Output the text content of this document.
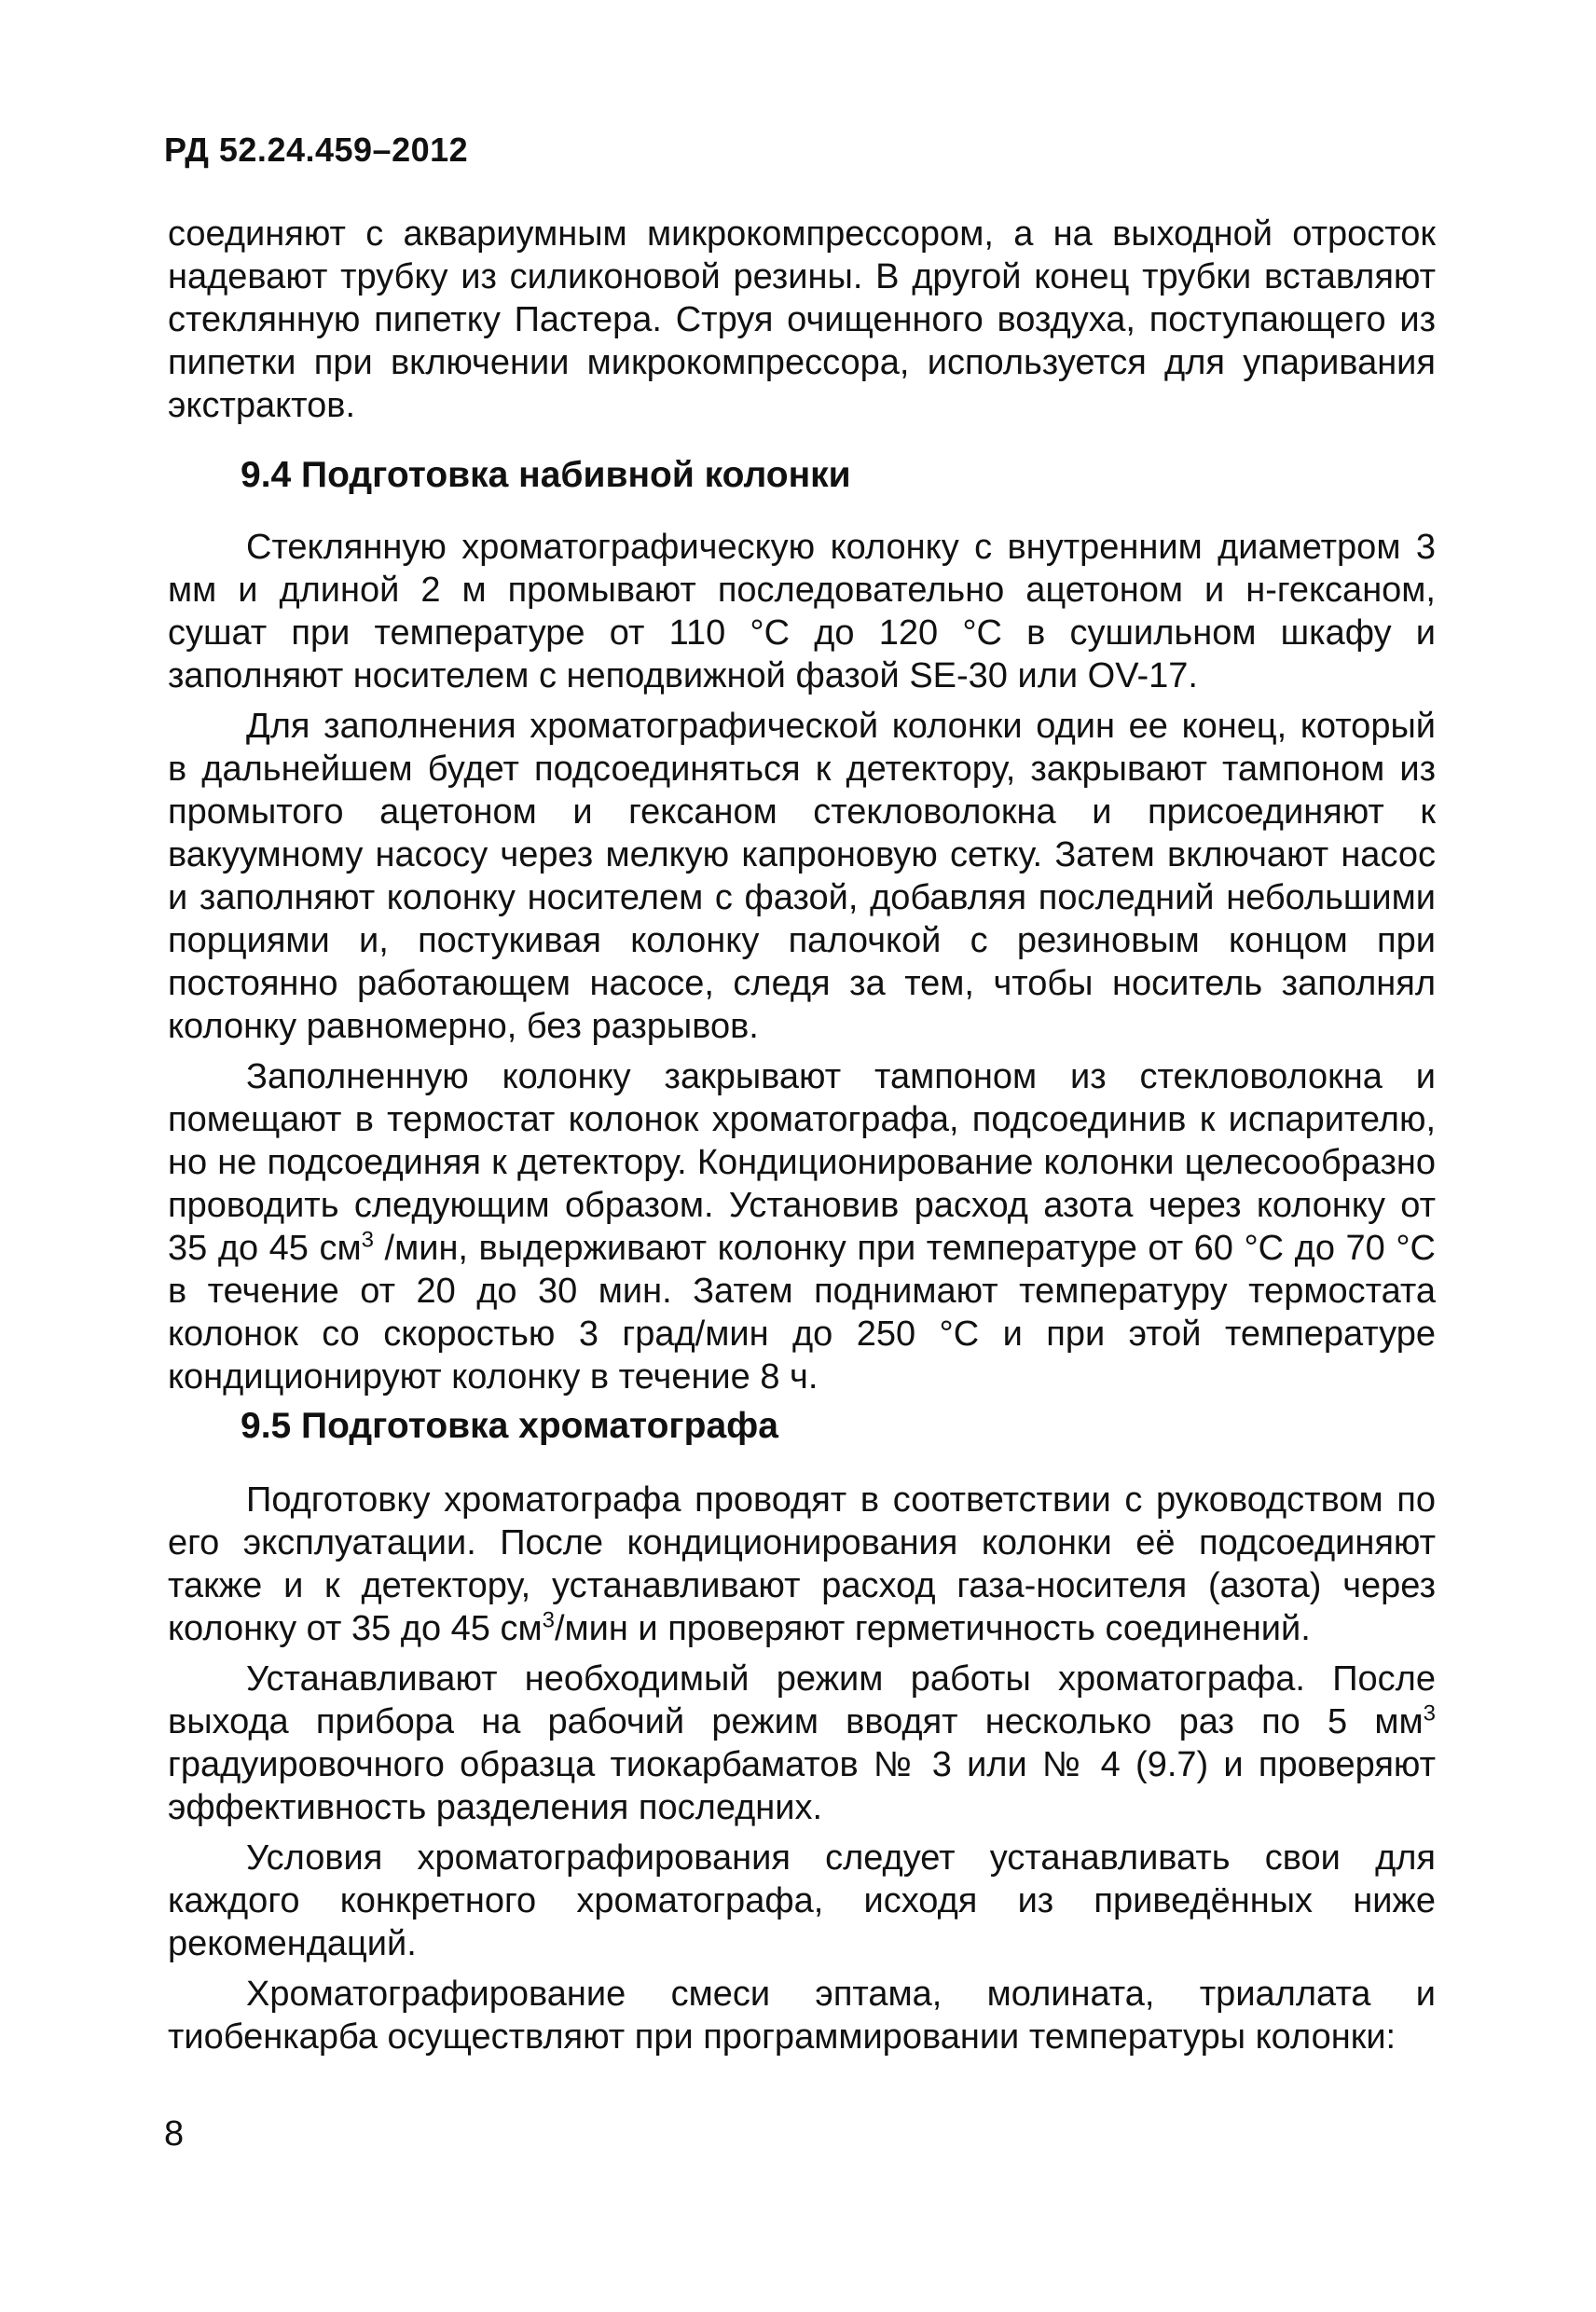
РД 52.24.459–2012

соединяют с аквариумным микрокомпрессором, а на выходной отросток надевают трубку из силиконовой резины. В другой конец трубки вставляют стеклянную пипетку Пастера. Струя очищенного воздуха, поступающего из пипетки при включении микрокомпрессора, используется для упаривания экстрактов.

9.4 Подготовка набивной колонки

Стеклянную хроматографическую колонку с внутренним диаметром 3 мм и длиной 2 м промывают последовательно ацетоном и н-гексаном, сушат при температуре от 110 °С до 120 °С в сушильном шкафу и заполняют носителем с неподвижной фазой SE-30 или OV-17.

Для заполнения хроматографической колонки один ее конец, который в дальнейшем будет подсоединяться к детектору, закрывают тампоном из промытого ацетоном и гексаном стекловолокна и присоединяют к вакуумному насосу через мелкую капроновую сетку. Затем включают насос и заполняют колонку носителем с фазой, добавляя последний небольшими порциями и, постукивая колонку палочкой с резиновым концом при постоянно работающем насосе, следя за тем, чтобы носитель заполнял колонку равномерно, без разрывов.

Заполненную колонку закрывают тампоном из стекловолокна и помещают в термостат колонок хроматографа, подсоединив к испарителю, но не подсоединяя к детектору. Кондиционирование колонки целесообразно проводить следующим образом. Установив расход азота через колонку от 35 до 45 $см^3$ /мин, выдерживают колонку при температуре от 60 °С до 70 °С в течение от 20 до 30 мин. Затем поднимают температуру термостата колонок со скоростью 3 град/мин до 250 °С и при этой температуре кондиционируют колонку в течение 8 ч.

9.5 Подготовка хроматографа

Подготовку хроматографа проводят в соответствии с руководством по его эксплуатации. После кондиционирования колонки её подсоединяют также и к детектору, устанавливают расход газа-носителя (азота) через колонку от 35 до 45 $см^3$/мин и проверяют герметичность соединений.

Устанавливают необходимый режим работы хроматографа. После выхода прибора на рабочий режим вводят несколько раз по 5 $мм^3$ градуировочного образца тиокарбаматов № 3 или № 4 (9.7) и проверяют эффективность разделения последних.

Условия хроматографирования следует устанавливать свои для каждого конкретного хроматографа, исходя из приведённых ниже рекомендаций.

Хроматографирование смеси эптама, молината, триаллата и тиобенкарба осуществляют при программировании температуры колонки:

8
